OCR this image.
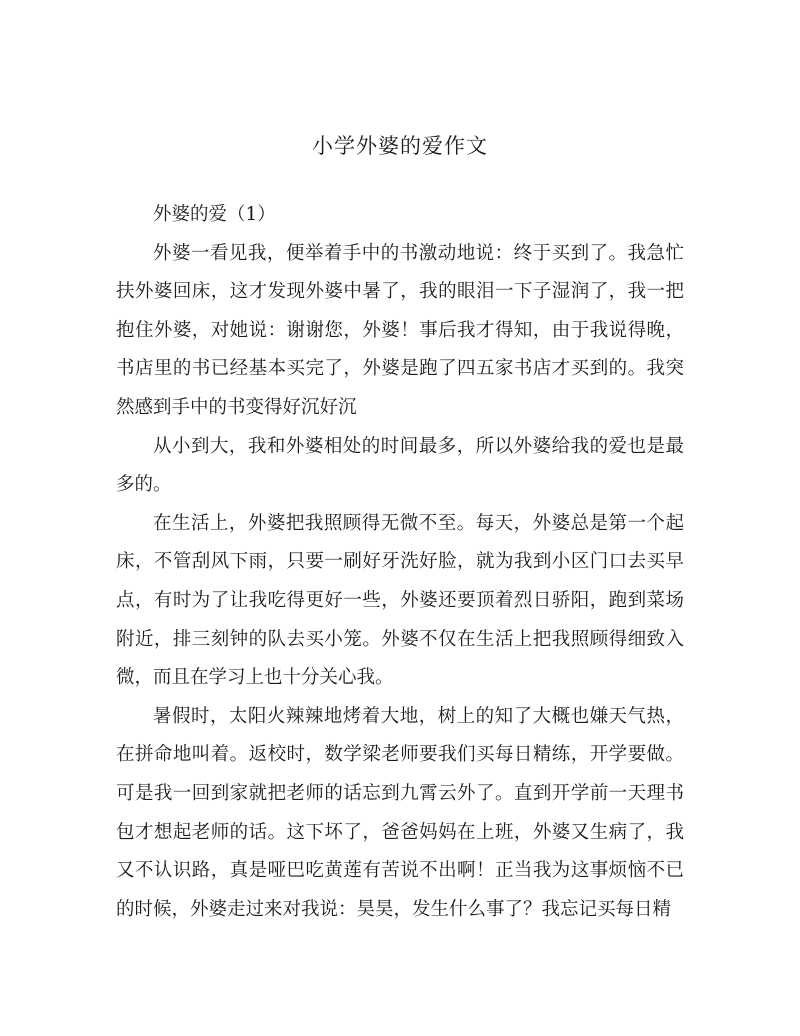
小学外婆的爱作文

外婆的爱（1）

外婆一看见我，便举着手中的书激动地说：终于买到了。我急忙扶外婆回床，这才发现外婆中暑了，我的眼泪一下子湿润了，我一把抱住外婆，对她说：谢谢您，外婆！事后我才得知，由于我说得晚，书店里的书已经基本买完了，外婆是跑了四五家书店才买到的。我突然感到手中的书变得好沉好沉

从小到大，我和外婆相处的时间最多，所以外婆给我的爱也是最多的。

在生活上，外婆把我照顾得无微不至。每天，外婆总是第一个起床，不管刮风下雨，只要一刷好牙洗好脸，就为我到小区门口去买早点，有时为了让我吃得更好一些，外婆还要顶着烈日骄阳，跑到菜场附近，排三刻钟的队去买小笼。外婆不仅在生活上把我照顾得细致入微，而且在学习上也十分关心我。

暑假时，太阳火辣辣地烤着大地，树上的知了大概也嫌天气热，在拼命地叫着。返校时，数学梁老师要我们买每日精练，开学要做。可是我一回到家就把老师的话忘到九霄云外了。直到开学前一天理书包才想起老师的话。这下坏了，爸爸妈妈在上班，外婆又生病了，我又不认识路，真是哑巴吃黄莲有苦说不出啊！正当我为这事烦恼不已的时候，外婆走过来对我说：昊昊，发生什么事了？我忘记买每日精
